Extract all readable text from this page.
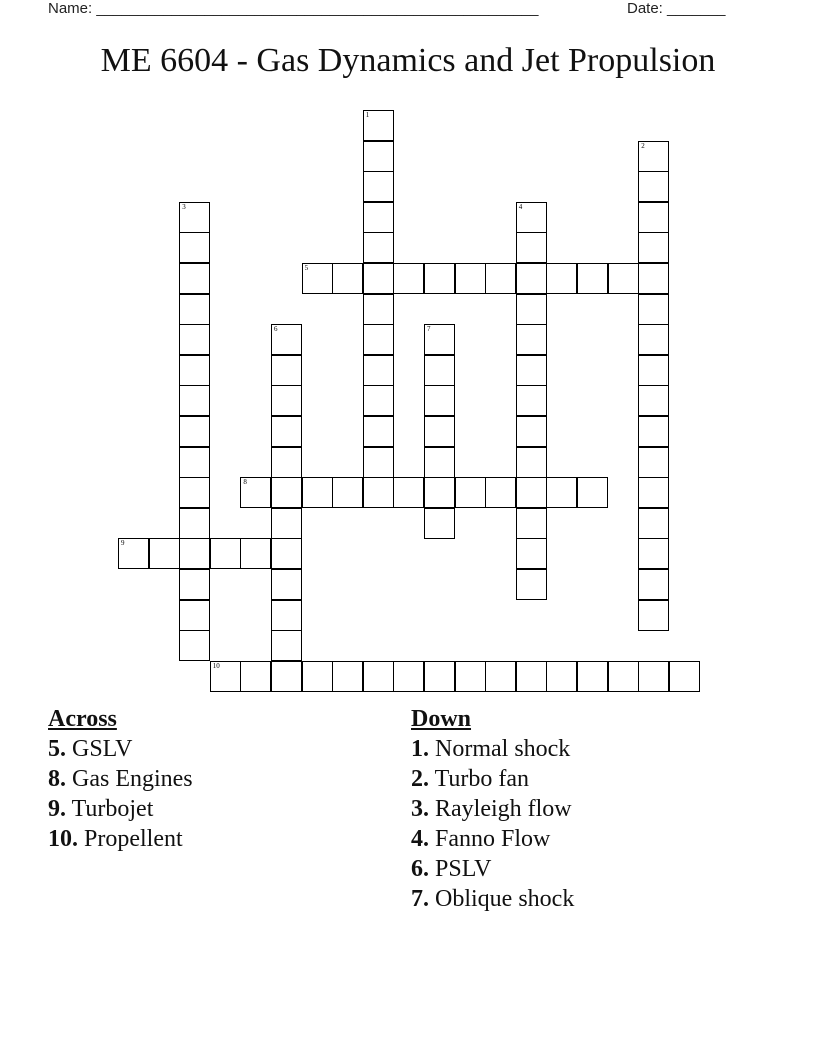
Name: _____________________________________________________	Date: _______
ME 6604 - Gas Dynamics and Jet Propulsion
1
2
3	4
5
6	7
8
9
10
Across
5. GSLV
8. Gas Engines
9. Turbojet
10. Propellent
Down
1. Normal shock
2. Turbo fan
3. Rayleigh flow
4. Fanno Flow
6. PSLV
7. Oblique shock
